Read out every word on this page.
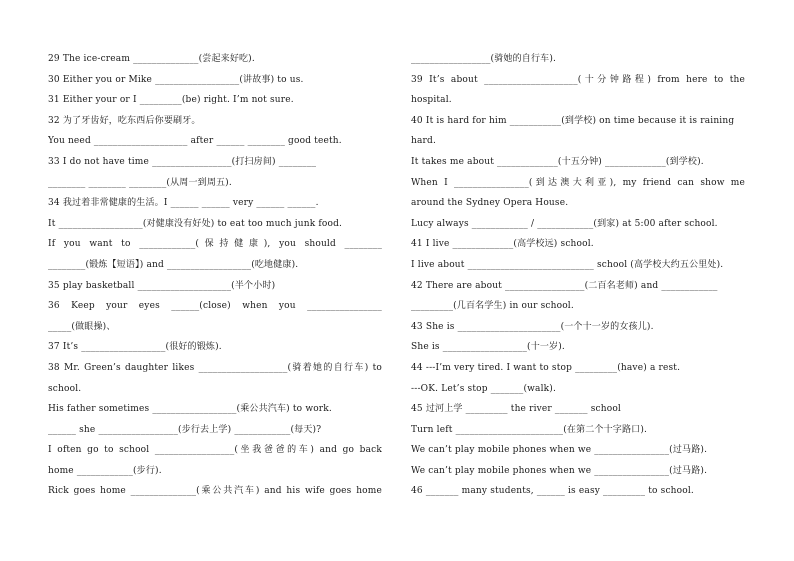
29 The ice-cream ______________(尝起来好吃).
30 Either you or Mike __________________(讲故事) to us.
31 Either your or I _________(be) right. I’m not sure.
32 为了牙齿好，吃东西后你要刷牙。
You need ____________________ after ______ ________ good teeth.
33 I do not have time _________________(打扫房间) ________
________ ________ ________(从周一到周五).
34 我过着非常健康的生活。I ______ ______ very ______ ______.
It __________________(对健康没有好处) to eat too much junk food.
If you want to ____________(保持健康), you should ________
________(锻炼【短语】) and __________________(吃地健康).
35 play basketball ____________________(半个小时)
36 Keep your eyes ______(close) when you ________________
_____(做眼操)、
37 It’s __________________(很好的锻炼).
38 Mr. Green’s daughter likes ___________________(骑着她的自行车) to
school.
His father sometimes __________________(乘公共汽车) to work.
______ she _________________(步行去上学) ____________(每天)?
I often go to school _________________(坐我爸爸的车) and go back
home ____________(步行).
Rick goes home ______________(乘公共汽车) and his wife goes home
_________________(骑她的自行车).
39 It’s about ____________________(十分钟路程) from here to the
hospital.
40 It is hard for him ___________(到学校) on time because it is raining
hard.
It takes me about _____________(十五分钟) _____________(到学校).
When I ________________(到达澳大利亚), my friend can show me
around the Sydney Opera House.
Lucy always ____________ / ____________(到家) at 5:00 after school.
41 I live _____________(高学校远) school.
I live about ___________________________ school (高学校大约五公里处).
42 There are about _________________(二百名老师) and ____________
_________(几百名学生) in our school.
43 She is ______________________(一个十一岁的女孩儿).
She is __________________(十一岁).
44 ---I’m very tired. I want to stop _________(have) a rest.
---OK. Let’s stop _______(walk).
45 过河上学 _________ the river _______ school
Turn left _______________________(在第二个十字路口).
We can’t play mobile phones when we ________________(过马路).
We can’t play mobile phones when we ________________(过马路).
46 _______ many students, ______ is easy _________ to school.
